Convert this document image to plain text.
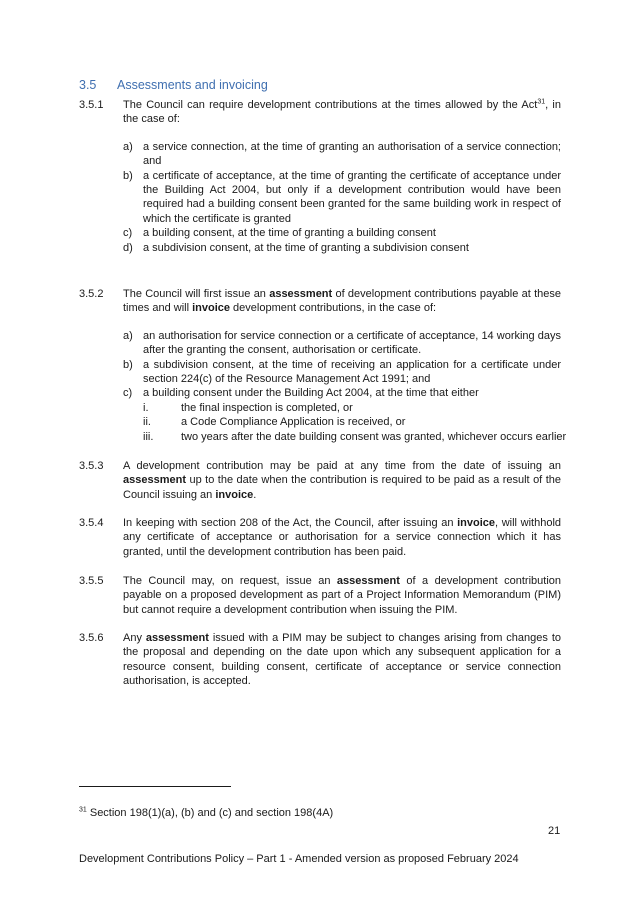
3.5 Assessments and invoicing
3.5.1 The Council can require development contributions at the times allowed by the Act$^{31}$, in the case of:
a) a service connection, at the time of granting an authorisation of a service connection; and
b) a certificate of acceptance, at the time of granting the certificate of acceptance under the Building Act 2004, but only if a development contribution would have been required had a building consent been granted for the same building work in respect of which the certificate is granted
c) a building consent, at the time of granting a building consent
d) a subdivision consent, at the time of granting a subdivision consent
3.5.2 The Council will first issue an assessment of development contributions payable at these times and will invoice development contributions, in the case of:
a) an authorisation for service connection or a certificate of acceptance, 14 working days after the granting the consent, authorisation or certificate.
b) a subdivision consent, at the time of receiving an application for a certificate under section 224(c) of the Resource Management Act 1991; and
c) a building consent under the Building Act 2004, at the time that either
i.	the final inspection is completed, or
ii.	a Code Compliance Application is received, or
iii.	two years after the date building consent was granted, whichever occurs earlier
3.5.3 A development contribution may be paid at any time from the date of issuing an assessment up to the date when the contribution is required to be paid as a result of the Council issuing an invoice.
3.5.4 In keeping with section 208 of the Act, the Council, after issuing an invoice, will withhold any certificate of acceptance or authorisation for a service connection which it has granted, until the development contribution has been paid.
3.5.5 The Council may, on request, issue an assessment of a development contribution payable on a proposed development as part of a Project Information Memorandum (PIM) but cannot require a development contribution when issuing the PIM.
3.5.6 Any assessment issued with a PIM may be subject to changes arising from changes to the proposal and depending on the date upon which any subsequent application for a resource consent, building consent, certificate of acceptance or service connection authorisation, is accepted.
$^{31}$ Section 198(1)(a), (b) and (c) and section 198(4A)
21
Development Contributions Policy – Part 1 - Amended version as proposed February 2024
